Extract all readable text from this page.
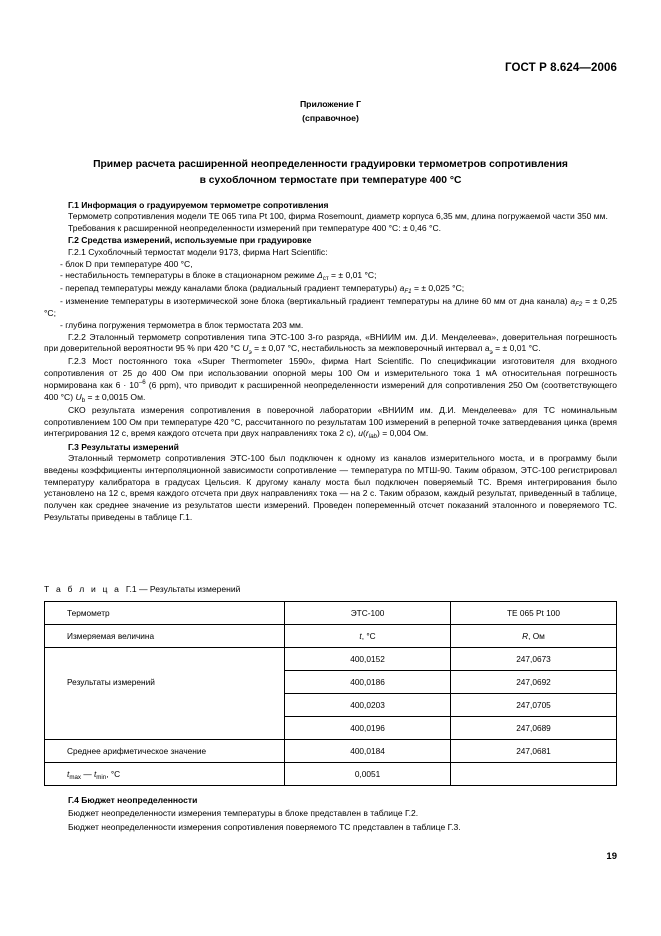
ГОСТ Р 8.624—2006
Приложение Г
(справочное)
Пример расчета расширенной неопределенности градуировки термометров сопротивления
в сухоблочном термостате при температуре 400 °C

Г.1 Информация о градуируемом термометре сопротивления

Термометр сопротивления модели TE 065 типа Pt 100, фирма Rosemount, диаметр корпуса 6,35 мм, длина погружаемой части 350 мм.

Требования к расширенной неопределенности измерений при температуре 400 °C: ± 0,46 °C.

Г.2 Средства измерений, используемые при градуировке

Г.2.1 Сухоблочный термостат модели 9173, фирма Hart Scientific:

- блок D при температуре 400 °C,

- нестабильность температуры в блоке в стационарном режиме $\Delta_{ст}$ = ± 0,01 °C;

- перепад температуры между каналами блока (радиальный градиент температуры) $a_{F1}$ = ± 0,025 °C;

- изменение температуры в изотермической зоне блока (вертикальный градиент температуры на длине 60 мм от дна канала) $a_{F2}$ = ± 0,25 °C;

- глубина погружения термометра в блок термостата 203 мм.

Г.2.2 Эталонный термометр сопротивления типа ЭТС-100 3-го разряда, «ВНИИМ им. Д.И. Менделеева», доверительная погрешность при доверительной вероятности 95 % при 420 °C $U_э$ = ± 0,07 °C, нестабильность за межповерочный интервал $a_э$ = ± 0,01 °C.

Г.2.3 Мост постоянного тока «Super Thermometer 1590», фирма Hart Scientific. По спецификации изготовителя для входного сопротивления от 25 до 400 Ом при использовании опорной меры 100 Ом и измерительного тока 1 мА относительная погрешность нормирована как $6 \cdot 10^{-6}$ (6 ppm), что приводит к расширенной неопределенности измерений для сопротивления 250 Ом (соответствующего 400 °C) $U_b$ = ± 0,0015 Ом.

СКО результата измерения сопротивления в поверочной лаборатории «ВНИИМ им. Д.И. Менделеева» для ТС номинальным сопротивлением 100 Ом при температуре 420 °C, рассчитанного по результатам 100 измерений в реперной точке затвердевания цинка (время интегрирования 12 с, время каждого отсчета при двух направлениях тока 2 с), $u(r_{lab}) = 0,004$ Ом.

Г.3 Результаты измерений

Эталонный термометр сопротивления ЭТС-100 был подключен к одному из каналов измерительного моста, и в программу были введены коэффициенты интерполяционной зависимости сопротивление — температура по МТШ-90. Таким образом, ЭТС-100 регистрировал температуру калибратора в градусах Цельсия. К другому каналу моста был подключен поверяемый ТС. Время интегрирования было установлено на 12 с, время каждого отсчета при двух направлениях тока — на 2 с. Таким образом, каждый результат, приведенный в таблице, получен как среднее значение из результатов шести измерений. Проведен попеременный отсчет показаний эталонного и поверяемого ТС. Результаты приведены в таблице Г.1.

Т а б л и ц а Г.1 — Результаты измерений
Термометр	ЭТС-100	TE 065 Pt 100
Измеряемая величина	t, °C	R, Ом
	400,0152	247,0673
Результаты измерений	400,0186	247,0692
	400,0203	247,0705
	400,0196	247,0689
Среднее арифметическое значение	400,0184	247,0681
$t_{max}$ — $t_{min}$, °C	0,0051	

Г.4 Бюджет неопределенности

Бюджет неопределенности измерения температуры в блоке представлен в таблице Г.2.

Бюджет неопределенности измерения сопротивления поверяемого ТС представлен в таблице Г.3.

19
